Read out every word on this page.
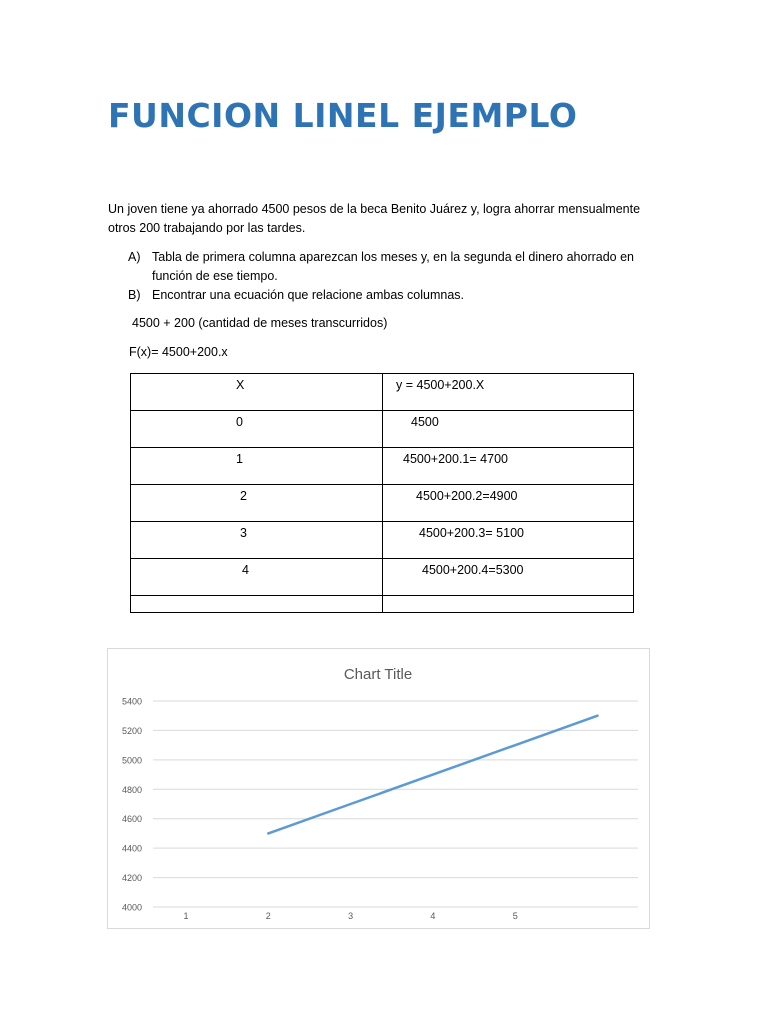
FUNCION LINEL EJEMPLO

Un joven tiene ya ahorrado 4500 pesos de la beca Benito Juárez y, logra ahorrar mensualmente otros 200 trabajando por las tardes.

A) Tabla de primera columna aparezcan los meses y, en la segunda el dinero ahorrado en función de ese tiempo.
B) Encontrar una ecuación que relacione ambas columnas.
4500 + 200 (cantidad de meses transcurridos)
F(x)= 4500+200.x
X	y = 4500+200.X

0	4500

1	4500+200.1= 4700

2	4500+200.2=4900

3	4500+200.3= 5100

4	4500+200.4=5300

Chart Title
4000
4200
4400
4600
4800
5000
5200
5400
1	2	3	4	5
